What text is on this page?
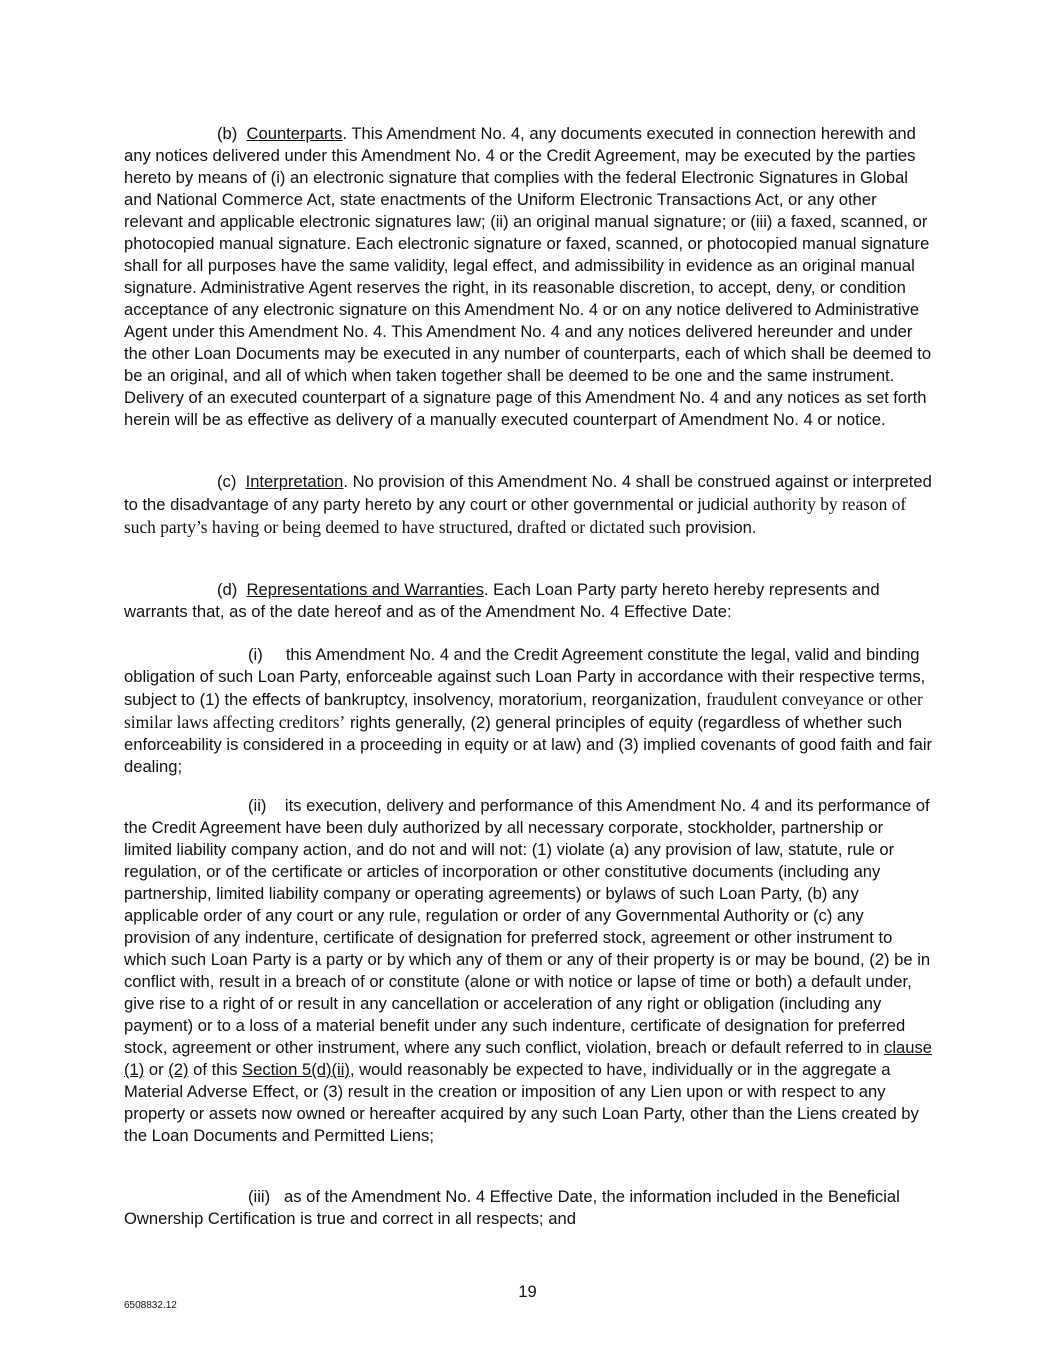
(b) Counterparts. This Amendment No. 4, any documents executed in connection herewith and any notices delivered under this Amendment No. 4 or the Credit Agreement, may be executed by the parties hereto by means of (i) an electronic signature that complies with the federal Electronic Signatures in Global and National Commerce Act, state enactments of the Uniform Electronic Transactions Act, or any other relevant and applicable electronic signatures law; (ii) an original manual signature; or (iii) a faxed, scanned, or photocopied manual signature. Each electronic signature or faxed, scanned, or photocopied manual signature shall for all purposes have the same validity, legal effect, and admissibility in evidence as an original manual signature. Administrative Agent reserves the right, in its reasonable discretion, to accept, deny, or condition acceptance of any electronic signature on this Amendment No. 4 or on any notice delivered to Administrative Agent under this Amendment No. 4. This Amendment No. 4 and any notices delivered hereunder and under the other Loan Documents may be executed in any number of counterparts, each of which shall be deemed to be an original, and all of which when taken together shall be deemed to be one and the same instrument. Delivery of an executed counterpart of a signature page of this Amendment No. 4 and any notices as set forth herein will be as effective as delivery of a manually executed counterpart of Amendment No. 4 or notice.

(c) Interpretation. No provision of this Amendment No. 4 shall be construed against or interpreted to the disadvantage of any party hereto by any court or other governmental or judicial authority by reason of such party’s having or being deemed to have structured, drafted or dictated such provision.

(d) Representations and Warranties. Each Loan Party party hereto hereby represents and warrants that, as of the date hereof and as of the Amendment No. 4 Effective Date:

(i) this Amendment No. 4 and the Credit Agreement constitute the legal, valid and binding obligation of such Loan Party, enforceable against such Loan Party in accordance with their respective terms, subject to (1) the effects of bankruptcy, insolvency, moratorium, reorganization, fraudulent conveyance or other similar laws affecting creditors’ rights generally, (2) general principles of equity (regardless of whether such enforceability is considered in a proceeding in equity or at law) and (3) implied covenants of good faith and fair dealing;

(ii) its execution, delivery and performance of this Amendment No. 4 and its performance of the Credit Agreement have been duly authorized by all necessary corporate, stockholder, partnership or limited liability company action, and do not and will not: (1) violate (a) any provision of law, statute, rule or regulation, or of the certificate or articles of incorporation or other constitutive documents (including any partnership, limited liability company or operating agreements) or bylaws of such Loan Party, (b) any applicable order of any court or any rule, regulation or order of any Governmental Authority or (c) any provision of any indenture, certificate of designation for preferred stock, agreement or other instrument to which such Loan Party is a party or by which any of them or any of their property is or may be bound, (2) be in conflict with, result in a breach of or constitute (alone or with notice or lapse of time or both) a default under, give rise to a right of or result in any cancellation or acceleration of any right or obligation (including any payment) or to a loss of a material benefit under any such indenture, certificate of designation for preferred stock, agreement or other instrument, where any such conflict, violation, breach or default referred to in clause (1) or (2) of this Section 5(d)(ii), would reasonably be expected to have, individually or in the aggregate a Material Adverse Effect, or (3) result in the creation or imposition of any Lien upon or with respect to any property or assets now owned or hereafter acquired by any such Loan Party, other than the Liens created by the Loan Documents and Permitted Liens;

(iii) as of the Amendment No. 4 Effective Date, the information included in the Beneficial Ownership Certification is true and correct in all respects; and

19
6508832.12
